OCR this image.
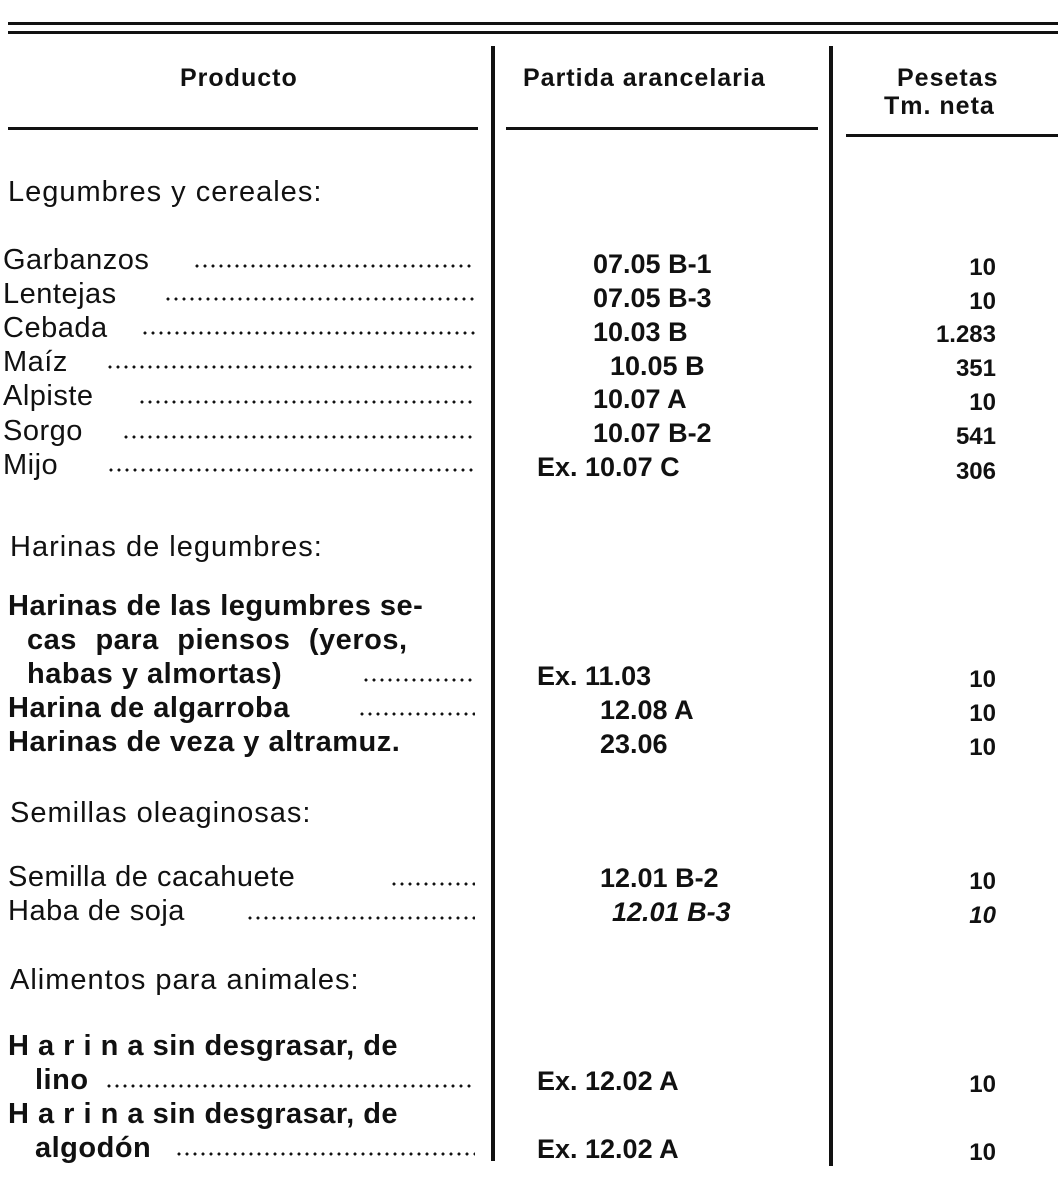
Producto	Partida arancelaria	Pesetas
Tm. neta
Legumbres y cereales:
Garbanzos	07.05 B-1	10
Lentejas	07.05 B-3	10
Cebada	10.03 B	1.283
Maíz	10.05 B	351
Alpiste	10.07 A	10
Sorgo	10.07 B-2	541
Mijo	Ex. 10.07 C	306
Harinas de legumbres:
Harinas de las legumbres se-
cas para piensos (yeros,
habas y almortas)	Ex. 11.03	10
Harina de algarroba	12.08 A	10
Harinas de veza y altramuz.	23.06	10
Semillas oleaginosas:
Semilla de cacahuete	12.01 B-2	10
Haba de soja	12.01 B-3	10
Alimentos para animales:
H a r i n a sin desgrasar, de
lino	Ex. 12.02 A	10
H a r i n a sin desgrasar, de
algodón	Ex. 12.02 A	10
